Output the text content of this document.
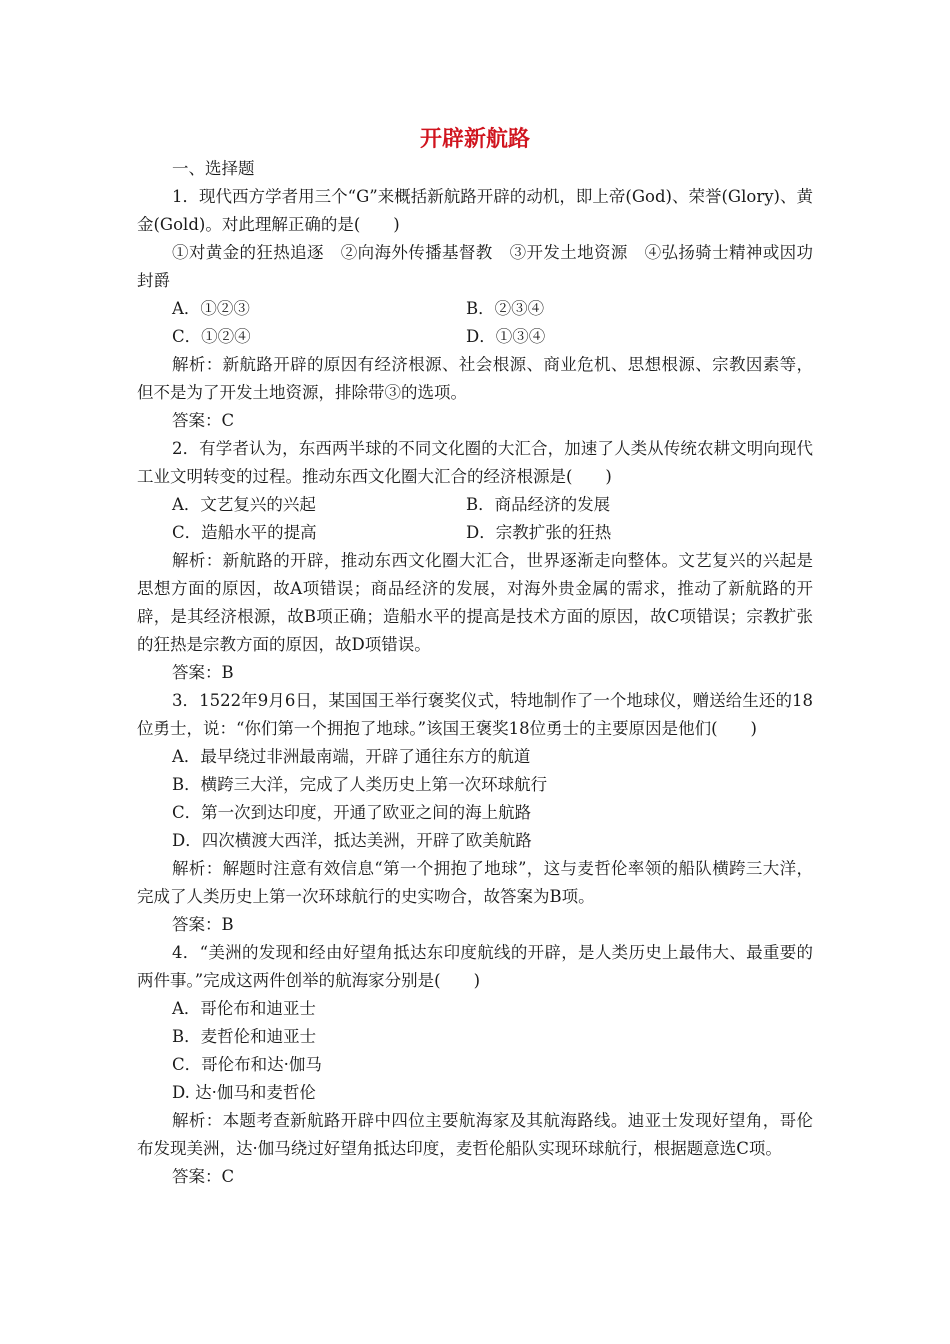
开辟新航路

一、选择题

1．现代西方学者用三个“G”来概括新航路开辟的动机，即上帝(God)、荣誉(Glory)、黄金(Gold)。对此理解正确的是(　　)

①对黄金的狂热追逐　②向海外传播基督教　③开发土地资源　④弘扬骑士精神或因功封爵

A．①②③	B．②③④
C．①②④	D．①③④

解析：新航路开辟的原因有经济根源、社会根源、商业危机、思想根源、宗教因素等，但不是为了开发土地资源，排除带③的选项。

答案：C

2．有学者认为，东西两半球的不同文化圈的大汇合，加速了人类从传统农耕文明向现代工业文明转变的过程。推动东西文化圈大汇合的经济根源是(　　)

A．文艺复兴的兴起	B．商品经济的发展
C．造船水平的提高	D．宗教扩张的狂热

解析：新航路的开辟，推动东西文化圈大汇合，世界逐渐走向整体。文艺复兴的兴起是思想方面的原因，故A项错误；商品经济的发展，对海外贵金属的需求，推动了新航路的开辟，是其经济根源，故B项正确；造船水平的提高是技术方面的原因，故C项错误；宗教扩张的狂热是宗教方面的原因，故D项错误。

答案：B

3．1522年9月6日，某国国王举行褒奖仪式，特地制作了一个地球仪，赠送给生还的18位勇士，说：“你们第一个拥抱了地球。”该国王褒奖18位勇士的主要原因是他们(　　)

A．最早绕过非洲最南端，开辟了通往东方的航道
B．横跨三大洋，完成了人类历史上第一次环球航行
C．第一次到达印度，开通了欧亚之间的海上航路
D．四次横渡大西洋，抵达美洲，开辟了欧美航路

解析：解题时注意有效信息“第一个拥抱了地球”，这与麦哲伦率领的船队横跨三大洋，完成了人类历史上第一次环球航行的史实吻合，故答案为B项。

答案：B

4．“美洲的发现和经由好望角抵达东印度航线的开辟，是人类历史上最伟大、最重要的两件事。”完成这两件创举的航海家分别是(　　)

A．哥伦布和迪亚士
B．麦哲伦和迪亚士
C．哥伦布和达·伽马
D. 达·伽马和麦哲伦

解析：本题考查新航路开辟中四位主要航海家及其航海路线。迪亚士发现好望角，哥伦布发现美洲，达·伽马绕过好望角抵达印度，麦哲伦船队实现环球航行，根据题意选C项。

答案：C
